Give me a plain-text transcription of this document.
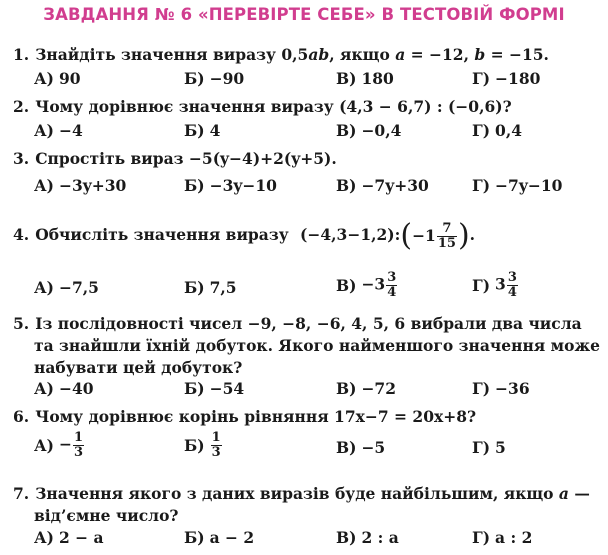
ЗАВДАННЯ № 6 «ПЕРЕВІРТЕ СЕБЕ» В ТЕСТОВІЙ ФОРМІ
1. Знайдіть значення виразу 0,5ab, якщо a = −12, b = −15.
А) 90	Б) −90	В) 180	Г) −180
2. Чому дорівнює значення виразу (4,3 − 6,7) : (−0,6)?
А) −4	Б) 4	В) −0,4	Г) 0,4
3. Спростіть вираз −5(y−4)+2(y+5).
А) −3y+30	Б) −3y−10	В) −7y+30	Г) −7y−10
4. Обчисліть значення виразу (−4,3−1,2):(−1 $\frac{7}{15}$ ).
А) −7,5	Б) 7,5	$В) -3 \frac{3}{4}$	Г) $3 \frac{3}{4}$
5. Із послідовності чисел −9, −8, −6, 4, 5, 6 вибрали два числа
та знайшли їхній добуток. Якого найменшого значення може
набувати цей добуток?
А) −40	Б) −54	В) −72	Г) −36
6. Чому дорівнює корінь рівняння 17x−7 = 20x+8?
$А) - \frac{1}{3}$	$Б) \frac{1}{3}$	В) −5	Г) 5
7. Значення якого з даних виразів буде найбільшим, якщо a —
від’ємне число?
А) 2 − a	Б) a − 2	В) 2 : a	Г) a : 2
